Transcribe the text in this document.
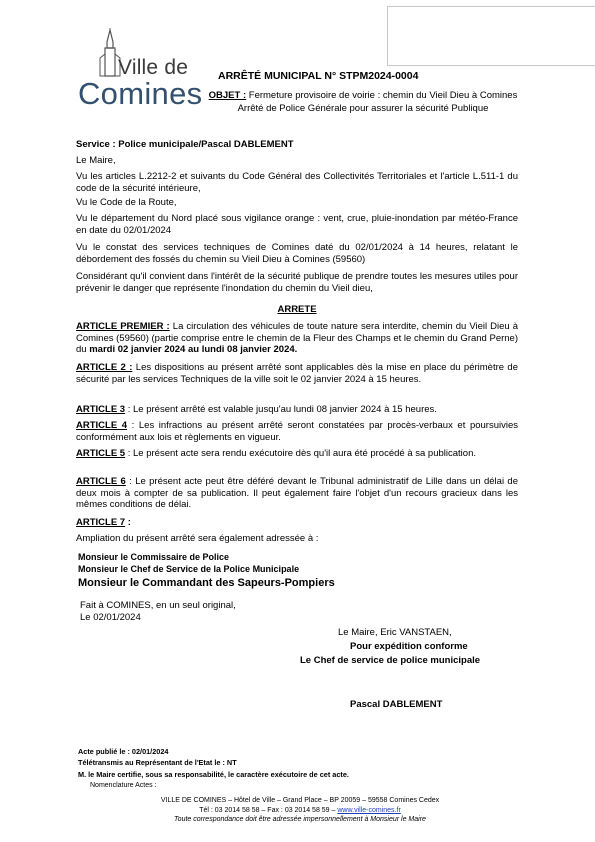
Ville de
Comines ARRÊTÉ MUNICIPAL N° STPM2024-0004
OBJET : Fermeture provisoire de voirie : chemin du Vieil Dieu à Comines
Arrêté de Police Générale pour assurer la sécurité Publique
Service : Police municipale/Pascal DABLEMENT
Le Maire,
Vu les articles L.2212-2 et suivants du Code Général des Collectivités Territoriales et l'article L.511-1 du code de la sécurité intérieure,
Vu le Code de la Route,
Vu le département du Nord placé sous vigilance orange : vent, crue, pluie-inondation par météo-France en date du 02/01/2024
Vu le constat des services techniques de Comines daté du 02/01/2024 à 14 heures, relatant le débordement des fossés du chemin su Vieil Dieu à Comines (59560)
Considérant qu'il convient dans l'intérêt de la sécurité publique de prendre toutes les mesures utiles pour prévenir le danger que représente l'inondation du chemin du Vieil dieu,
ARRETE
ARTICLE PREMIER : La circulation des véhicules de toute nature sera interdite, chemin du Vieil Dieu à Comines (59560) (partie comprise entre le chemin de la Fleur des Champs et le chemin du Grand Perne) du mardi 02 janvier 2024 au lundi 08 janvier 2024.
ARTICLE 2 : Les dispositions au présent arrêté sont applicables dès la mise en place du périmètre de sécurité par les services Techniques de la ville soit le 02 janvier 2024 à 15 heures.
ARTICLE 3 : Le présent arrêté est valable jusqu'au lundi 08 janvier 2024 à 15 heures.
ARTICLE 4 : Les infractions au présent arrêté seront constatées par procès-verbaux et poursuivies conformément aux lois et règlements en vigueur.
ARTICLE 5 : Le présent acte sera rendu exécutoire dès qu'il aura été procédé à sa publication.
ARTICLE 6 : Le présent acte peut être déféré devant le Tribunal administratif de Lille dans un délai de deux mois à compter de sa publication. Il peut également faire l'objet d'un recours gracieux dans les mêmes conditions de délai.
ARTICLE 7 :
Ampliation du présent arrêté sera également adressée à :
Monsieur le Commissaire de Police
Monsieur le Chef de Service de la Police Municipale
Monsieur le Commandant des Sapeurs-Pompiers
Fait à COMINES, en un seul original,
Le 02/01/2024
Le Maire, Eric VANSTAEN,
Pour expédition conforme
Le Chef de service de police municipale
Pascal DABLEMENT
Acte publié le : 02/01/2024
Télétransmis au Représentant de l'Etat le : NT
M. le Maire certifie, sous sa responsabilité, le caractère exécutoire de cet acte.
Nomenclature Actes :
VILLE DE COMINES – Hôtel de Ville – Grand Place – BP 20059 – 59558 Comines Cedex
Tél : 03 2014 58 58 – Fax : 03 2014 58 59 – www.ville-comines.fr
Toute correspondance doit être adressée impersonnellement à Monsieur le Maire
